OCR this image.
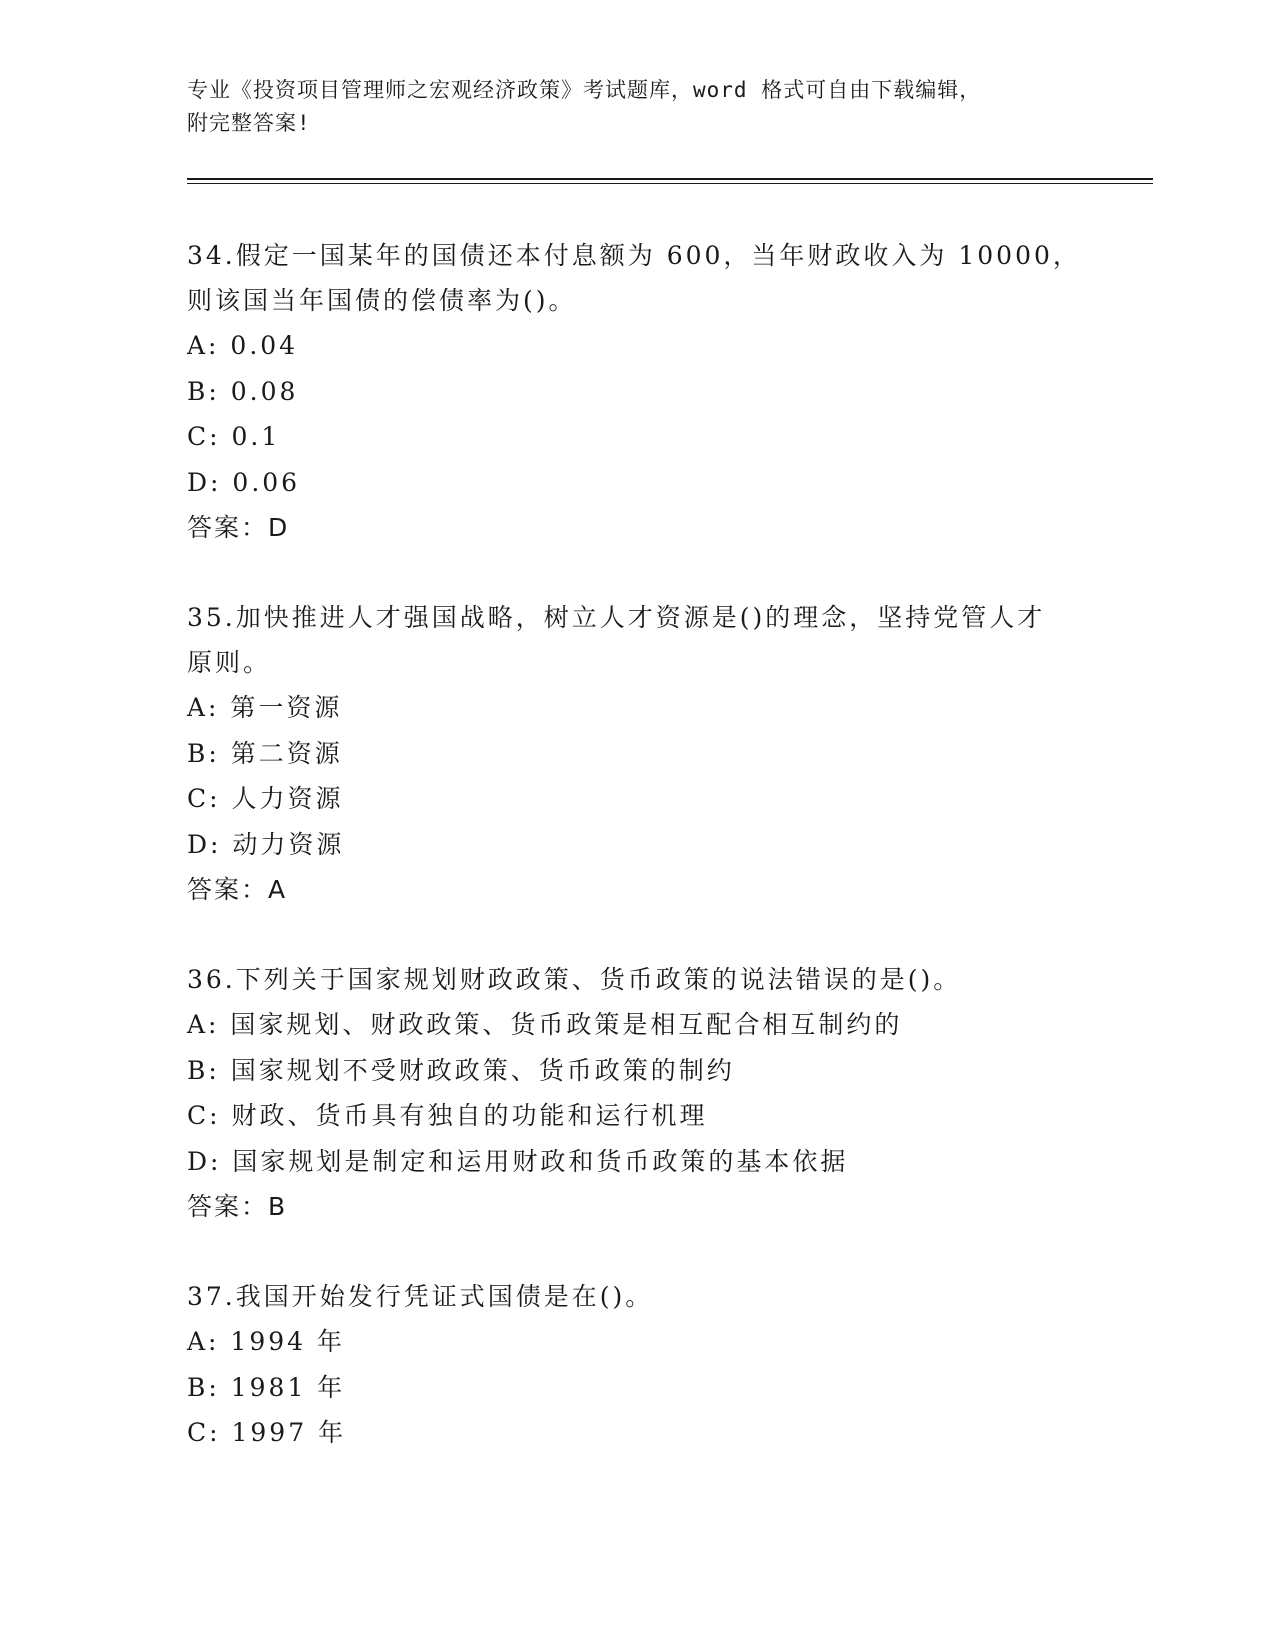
专业《投资项目管理师之宏观经济政策》考试题库，word 格式可自由下载编辑，
附完整答案!
34.假定一国某年的国债还本付息额为 600，当年财政收入为 10000，
则该国当年国债的偿债率为()。
A: 0.04
B: 0.08
C: 0.1
D: 0.06
答案：D
35.加快推进人才强国战略，树立人才资源是()的理念，坚持党管人才
原则。
A: 第一资源
B: 第二资源
C: 人力资源
D: 动力资源
答案：A
36.下列关于国家规划财政政策、货币政策的说法错误的是()。
A: 国家规划、财政政策、货币政策是相互配合相互制约的
B: 国家规划不受财政政策、货币政策的制约
C: 财政、货币具有独自的功能和运行机理
D: 国家规划是制定和运用财政和货币政策的基本依据
答案：B
37.我国开始发行凭证式国债是在()。
A: 1994 年
B: 1981 年
C: 1997 年
